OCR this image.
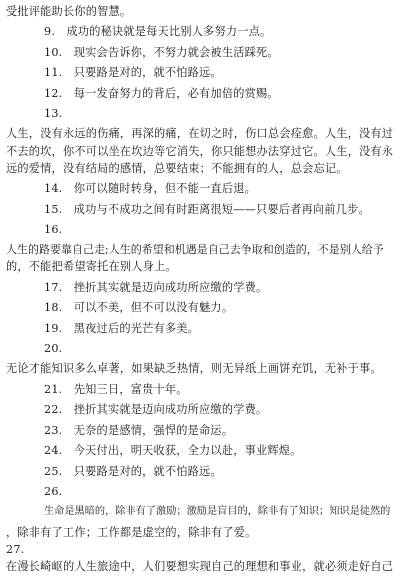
受批评能助长你的智慧。
9.　成功的秘诀就是每天比别人多努力一点。
10.　现实会告诉你，不努力就会被生活踩死。
11.　只要路是对的，就不怕路远。
12.　每一发奋努力的背后，必有加倍的赏赐。
13.
人生，没有永远的伤痛，再深的痛，在切之时，伤口总会痊愈。人生，没有过
不去的坎，你不可以坐在坎边等它消失，你只能想办法穿过它。人生，没有永
远的爱情，没有结局的感情，总要结束；不能拥有的人，总会忘记。
14.　你可以随时转身，但不能一直后退。
15.　成功与不成功之间有时距离很短——只要后者再向前几步。
16.
人生的路要靠自己走;人生的希望和机遇是自己去争取和创造的，不是别人给予
的，不能把希望寄托在别人身上。
17.　挫折其实就是迈向成功所应缴的学费。
18.　可以不美，但不可以没有魅力。
19.　黑夜过后的光芒有多美。
20.
无论才能知识多么卓著，如果缺乏热情，则无异纸上画饼充饥，无补于事。
21.　先知三日，富贵十年。
22.　挫折其实就是迈向成功所应缴的学费。
23.　无奈的是感情，强悍的是命运。
24.　今天付出，明天收获，全力以赴，事业辉煌。
25.　只要路是对的，就不怕路远。
26.
生命是黑暗的，除非有了激励；激励是盲目的，除非有了知识；知识是徒然的
，除非有了工作；工作都是虚空的，除非有了爱。
27.
在漫长崎岖的人生旅途中，人们要想实现自己的理想和事业，就必须走好自己
